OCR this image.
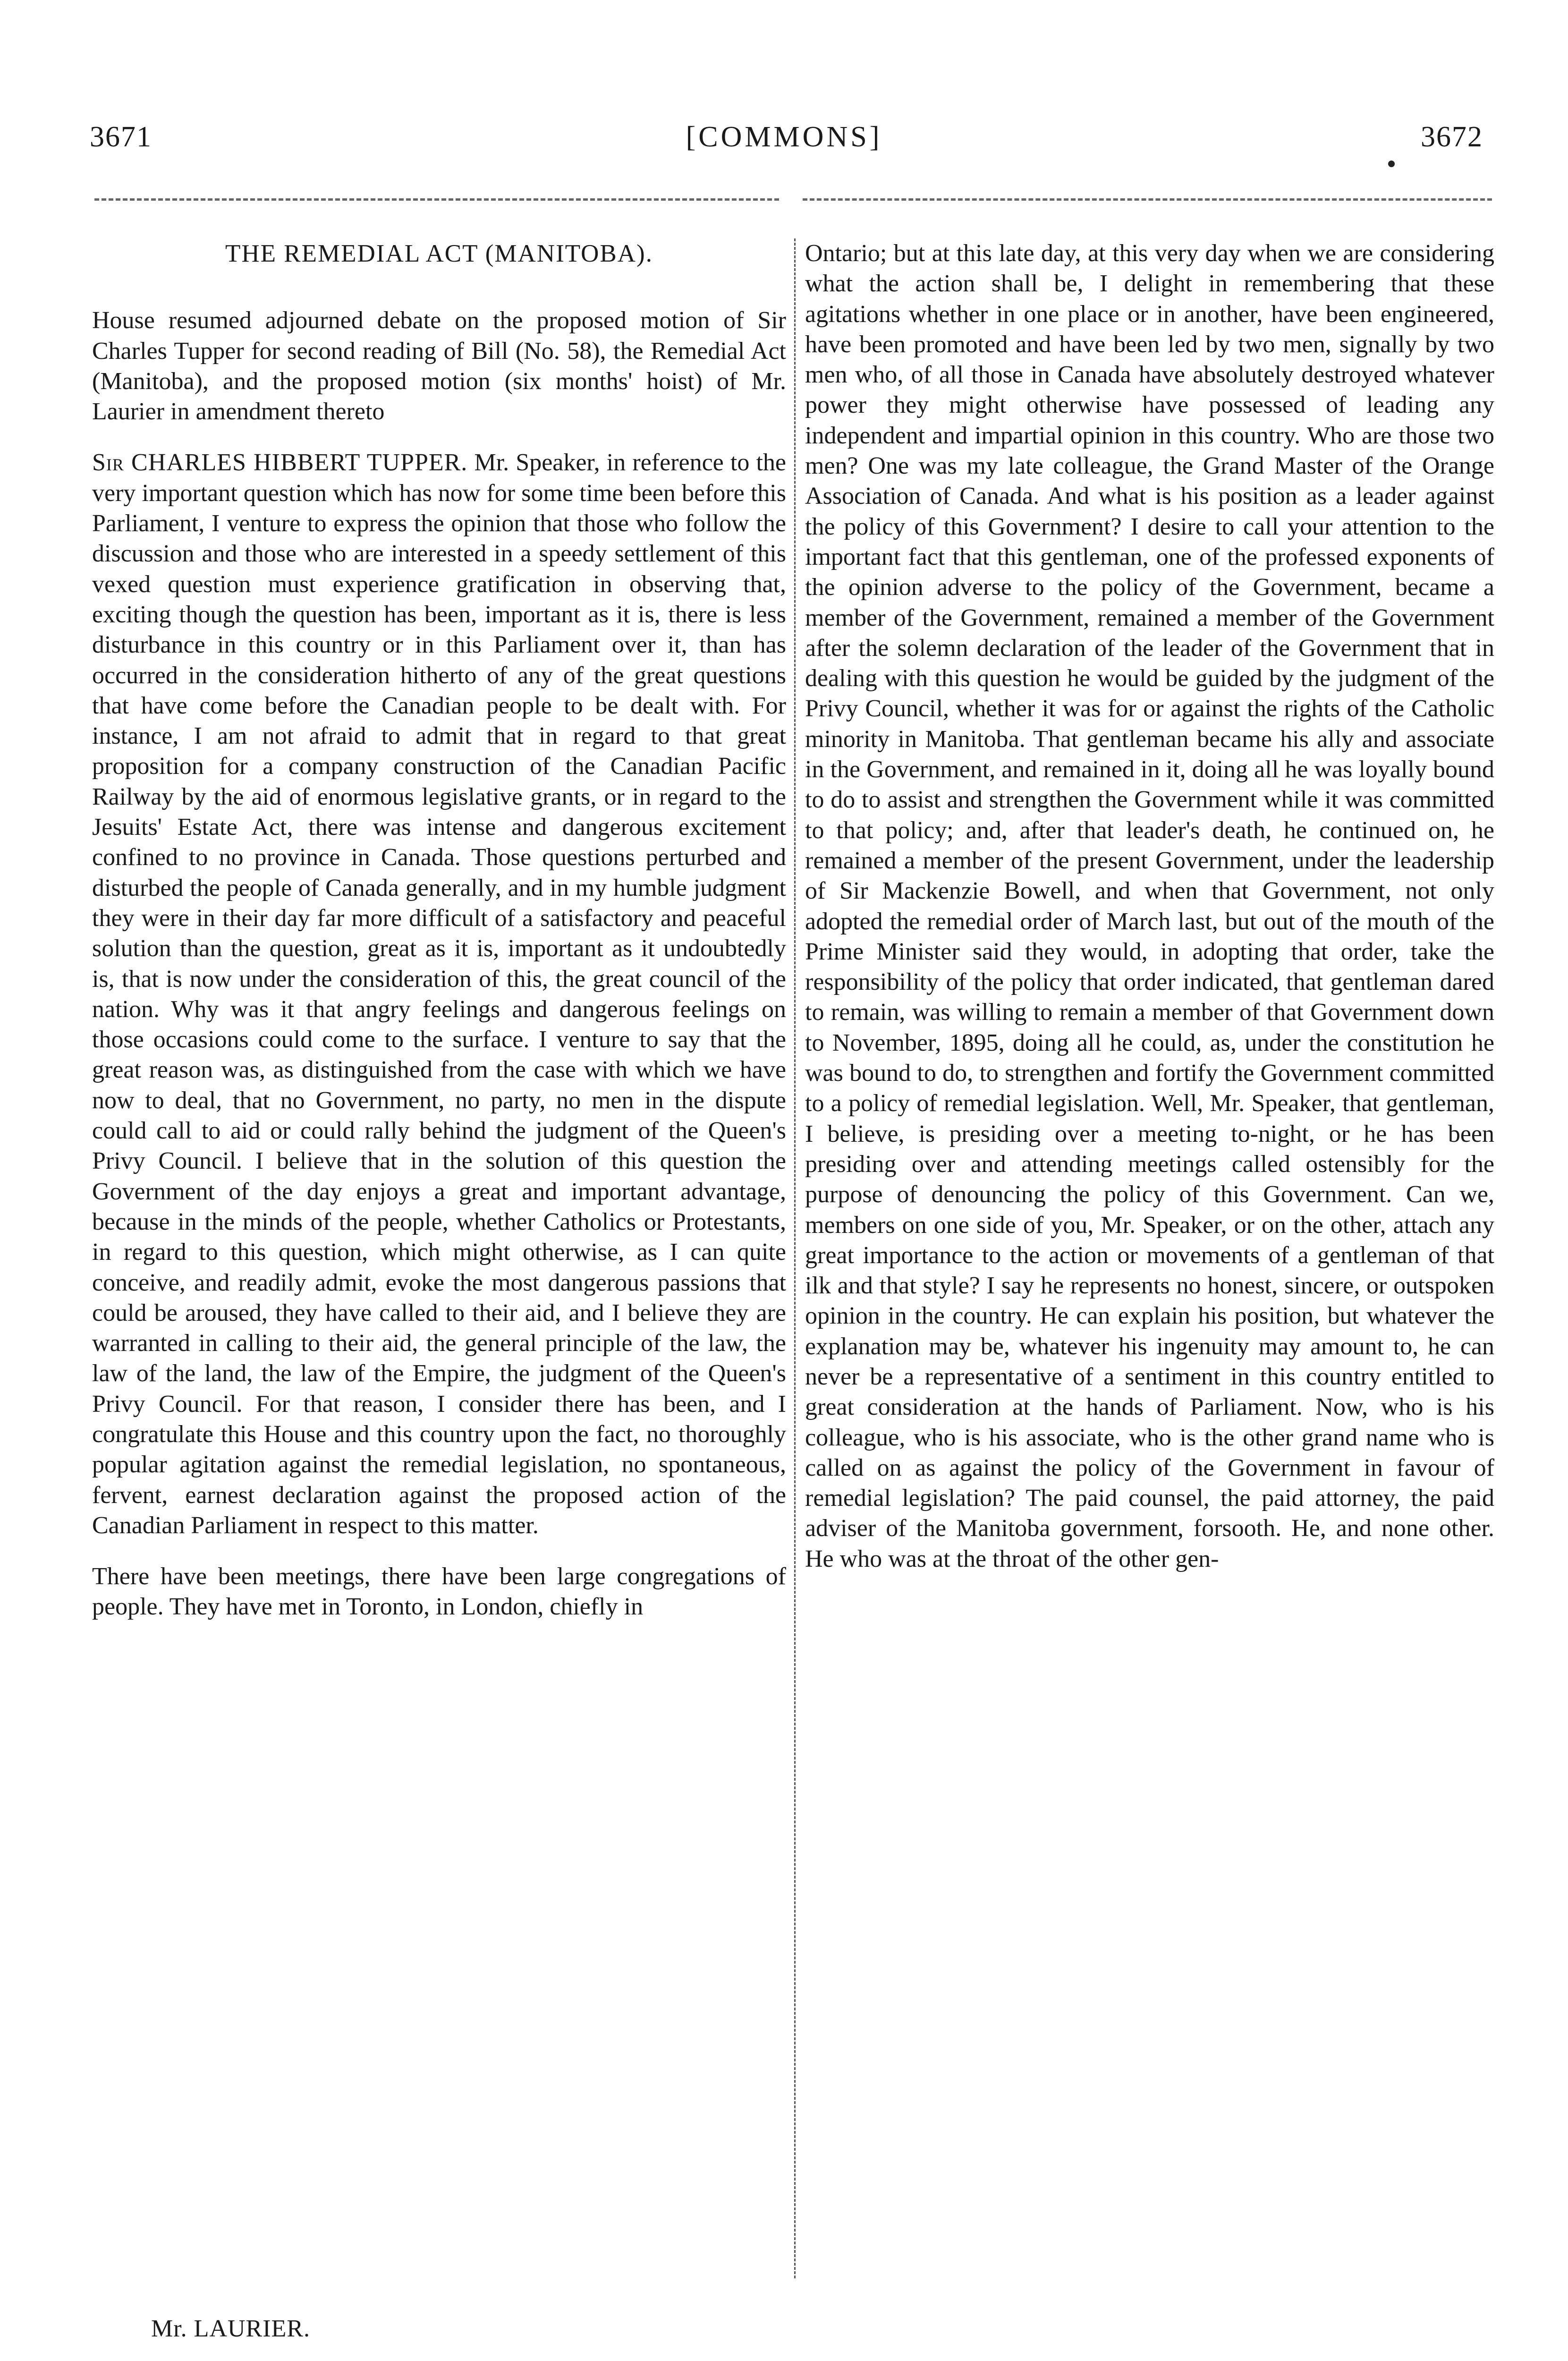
3671	[COMMONS]	3672
THE REMEDIAL ACT (MANITOBA).

House resumed adjourned debate on the proposed motion of Sir Charles Tupper for second reading of Bill (No. 58), the Remedial Act (Manitoba), and the proposed motion (six months' hoist) of Mr. Laurier in amendment thereto

Sir CHARLES HIBBERT TUPPER. Mr. Speaker, in reference to the very important question which has now for some time been before this Parliament, I venture to express the opinion that those who follow the discussion and those who are interested in a speedy settlement of this vexed question must experience gratification in observing that, exciting though the question has been, important as it is, there is less disturbance in this country or in this Parliament over it, than has occurred in the consideration hitherto of any of the great questions that have come before the Canadian people to be dealt with. For instance, I am not afraid to admit that in regard to that great proposition for a company construction of the Canadian Pacific Railway by the aid of enormous legislative grants, or in regard to the Jesuits' Estate Act, there was intense and dangerous excitement confined to no province in Canada. Those questions perturbed and disturbed the people of Canada generally, and in my humble judgment they were in their day far more difficult of a satisfactory and peaceful solution than the question, great as it is, important as it undoubtedly is, that is now under the consideration of this, the great council of the nation. Why was it that angry feelings and dangerous feelings on those occasions could come to the surface. I venture to say that the great reason was, as distinguished from the case with which we have now to deal, that no Government, no party, no men in the dispute could call to aid or could rally behind the judgment of the Queen's Privy Council. I believe that in the solution of this question the Government of the day enjoys a great and important advantage, because in the minds of the people, whether Catholics or Protestants, in regard to this question, which might otherwise, as I can quite conceive, and readily admit, evoke the most dangerous passions that could be aroused, they have called to their aid, and I believe they are warranted in calling to their aid, the general principle of the law, the law of the land, the law of the Empire, the judgment of the Queen's Privy Council. For that reason, I consider there has been, and I congratulate this House and this country upon the fact, no thoroughly popular agitation against the remedial legislation, no spontaneous, fervent, earnest declaration against the proposed action of the Canadian Parliament in respect to this matter.

There have been meetings, there have been large congregations of people. They have met in Toronto, in London, chiefly in

Ontario; but at this late day, at this very day when we are considering what the action shall be, I delight in remembering that these agitations whether in one place or in another, have been engineered, have been promoted and have been led by two men, signally by two men who, of all those in Canada have absolutely destroyed whatever power they might otherwise have possessed of leading any independent and impartial opinion in this country. Who are those two men? One was my late colleague, the Grand Master of the Orange Association of Canada. And what is his position as a leader against the policy of this Government? I desire to call your attention to the important fact that this gentleman, one of the professed exponents of the opinion adverse to the policy of the Government, became a member of the Government, remained a member of the Government after the solemn declaration of the leader of the Government that in dealing with this question he would be guided by the judgment of the Privy Council, whether it was for or against the rights of the Catholic minority in Manitoba. That gentleman became his ally and associate in the Government, and remained in it, doing all he was loyally bound to do to assist and strengthen the Government while it was committed to that policy; and, after that leader's death, he continued on, he remained a member of the present Government, under the leadership of Sir Mackenzie Bowell, and when that Government, not only adopted the remedial order of March last, but out of the mouth of the Prime Minister said they would, in adopting that order, take the responsibility of the policy that order indicated, that gentleman dared to remain, was willing to remain a member of that Government down to November, 1895, doing all he could, as, under the constitution he was bound to do, to strengthen and fortify the Government committed to a policy of remedial legislation. Well, Mr. Speaker, that gentleman, I believe, is presiding over a meeting to-night, or he has been presiding over and attending meetings called ostensibly for the purpose of denouncing the policy of this Government. Can we, members on one side of you, Mr. Speaker, or on the other, attach any great importance to the action or movements of a gentleman of that ilk and that style? I say he represents no honest, sincere, or outspoken opinion in the country. He can explain his position, but whatever the explanation may be, whatever his ingenuity may amount to, he can never be a representative of a sentiment in this country entitled to great consideration at the hands of Parliament. Now, who is his colleague, who is his associate, who is the other grand name who is called on as against the policy of the Government in favour of remedial legislation? The paid counsel, the paid attorney, the paid adviser of the Manitoba government, forsooth. He, and none other. He who was at the throat of the other gen-

Mr. LAURIER.
